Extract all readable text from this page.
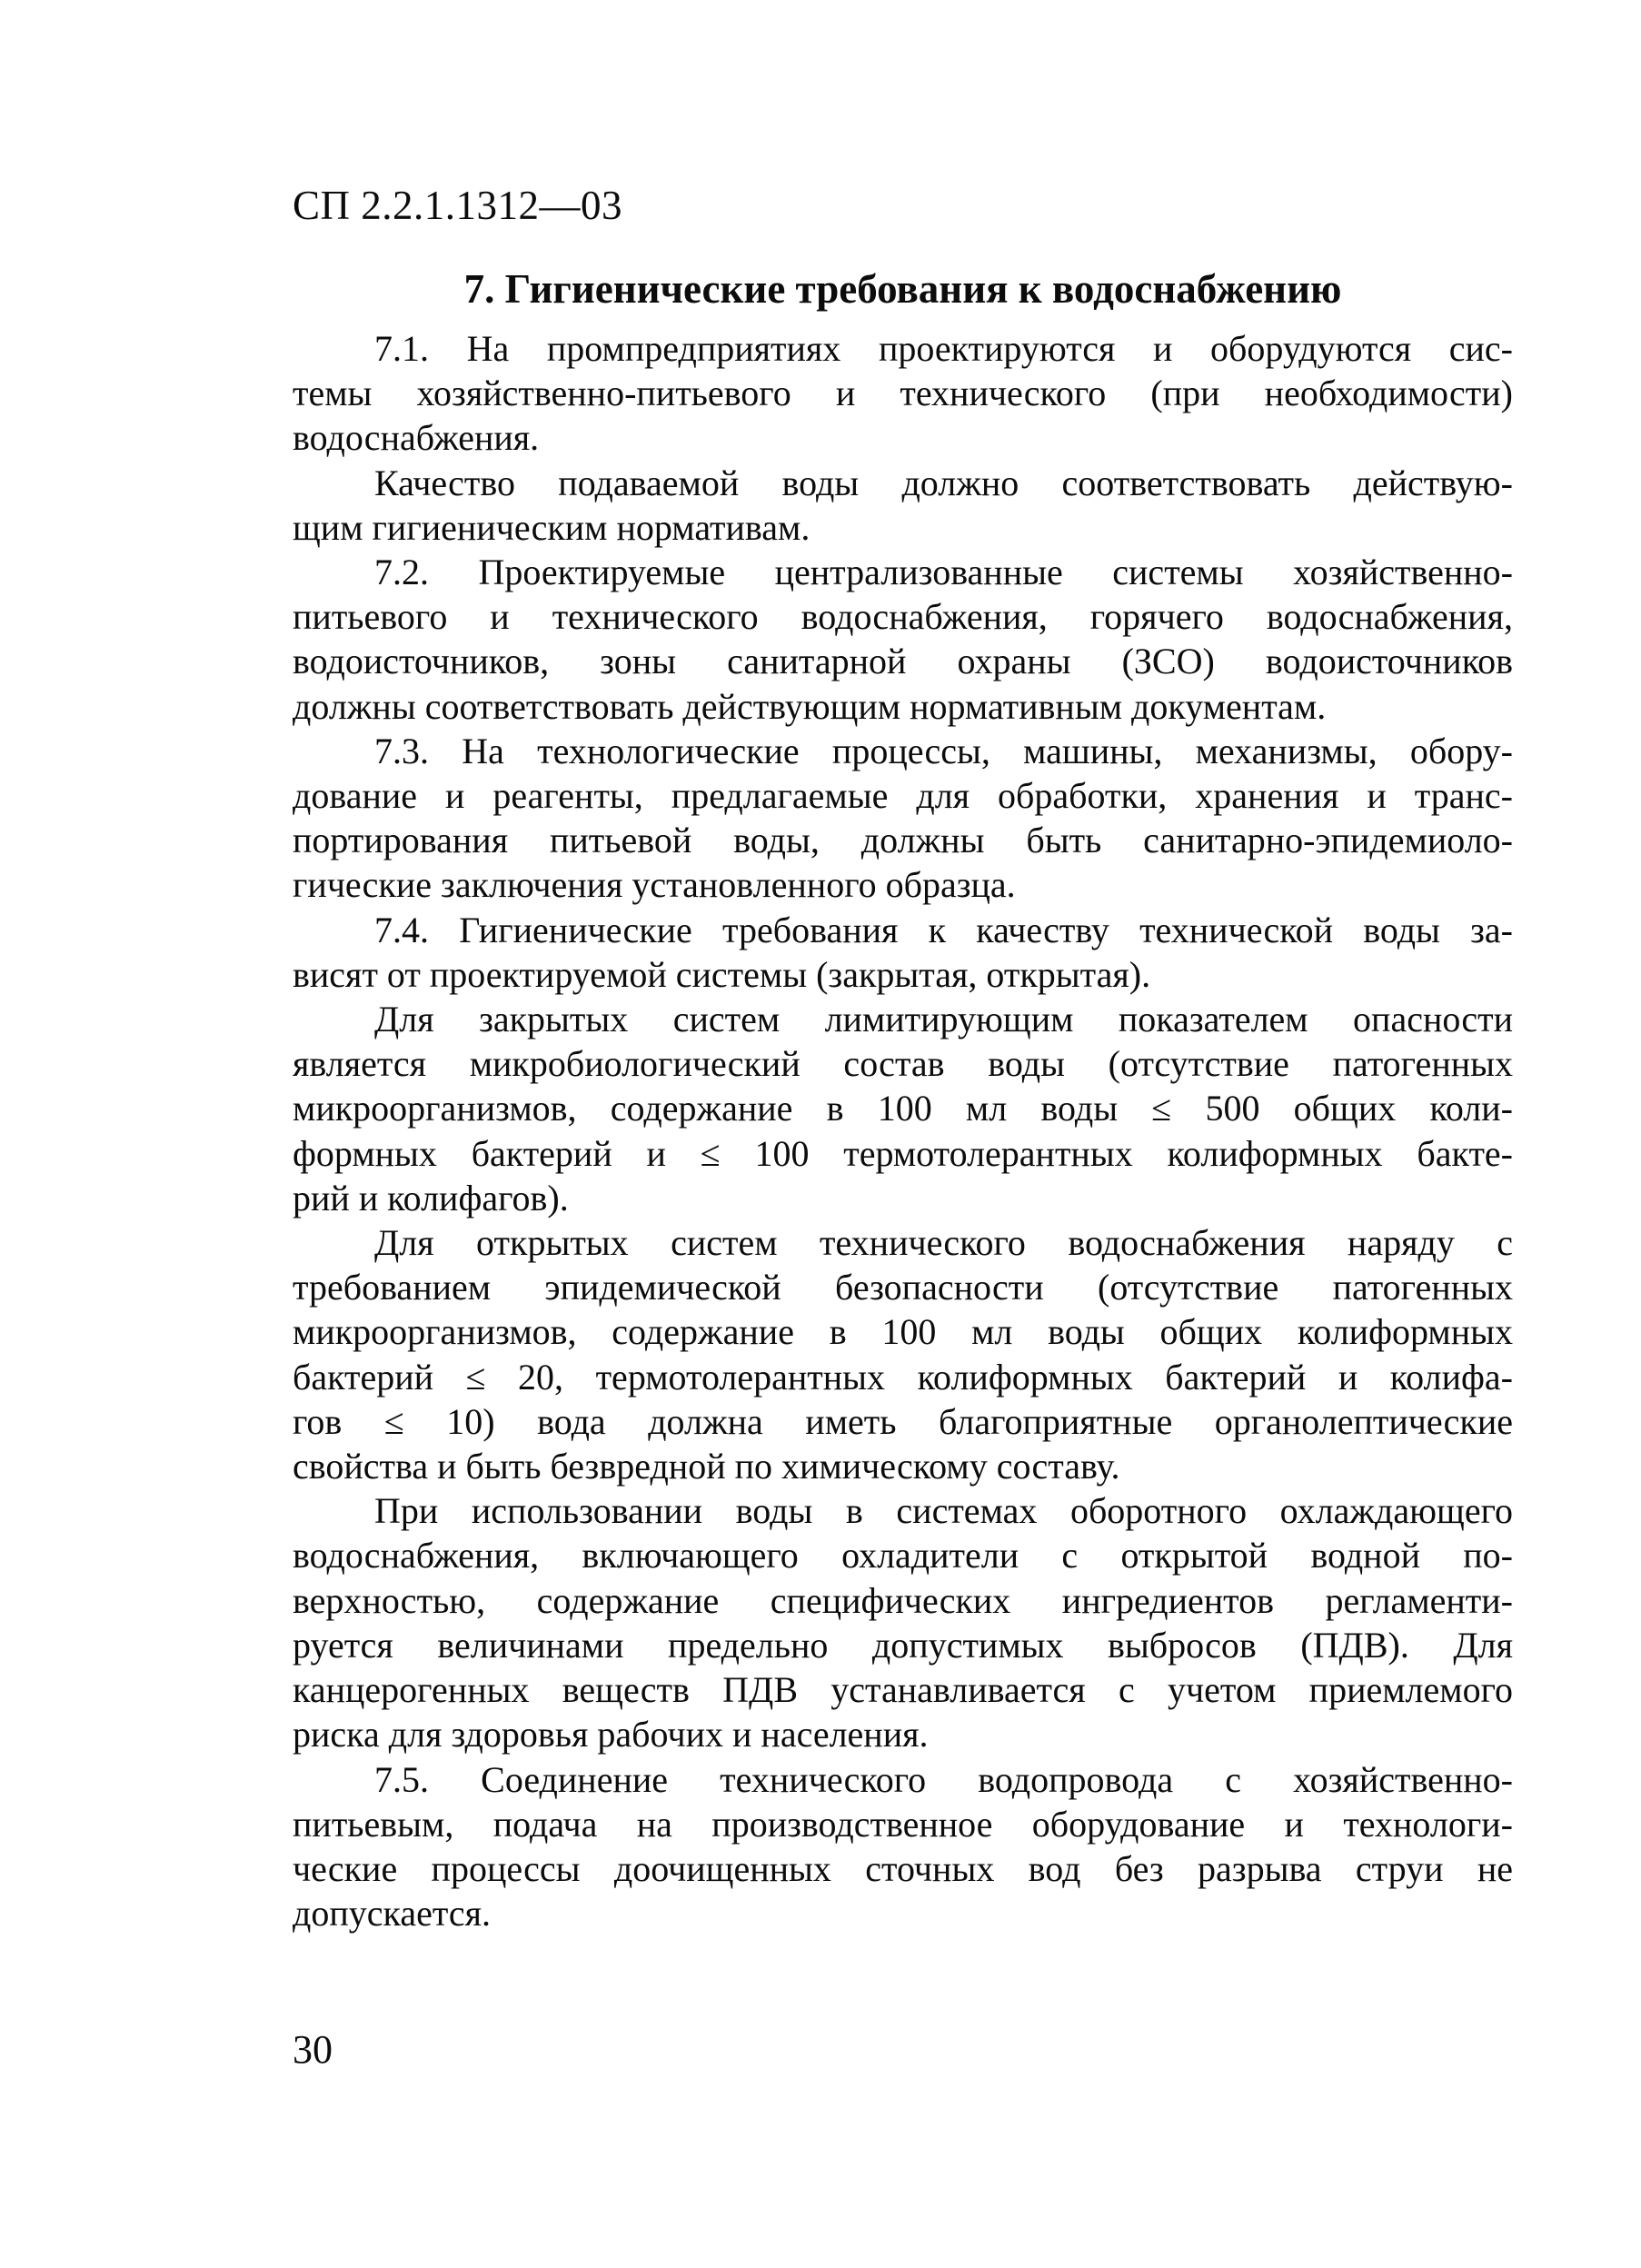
СП 2.2.1.1312—03
7. Гигиенические требования к водоснабжению
7.1. На промпредприятиях проектируются и оборудуются сис-
темы хозяйственно-питьевого и технического (при необходимости)
водоснабжения.
Качество подаваемой воды должно соответствовать действую-
щим гигиеническим нормативам.
7.2. Проектируемые централизованные системы хозяйственно-
питьевого и технического водоснабжения, горячего водоснабжения,
водоисточников, зоны санитарной охраны (ЗСО) водоисточников
должны соответствовать действующим нормативным документам.
7.3. На технологические процессы, машины, механизмы, обору-
дование и реагенты, предлагаемые для обработки, хранения и транс-
портирования питьевой воды, должны быть санитарно-эпидемиоло-
гические заключения установленного образца.
7.4. Гигиенические требования к качеству технической воды за-
висят от проектируемой системы (закрытая, открытая).
Для закрытых систем лимитирующим показателем опасности
является микробиологический состав воды (отсутствие патогенных
микроорганизмов, содержание в 100 мл воды ≤ 500 общих коли-
формных бактерий и ≤ 100 термотолерантных колиформных бакте-
рий и колифагов).
Для открытых систем технического водоснабжения наряду с
требованием эпидемической безопасности (отсутствие патогенных
микроорганизмов, содержание в 100 мл воды общих колиформных
бактерий ≤ 20, термотолерантных колиформных бактерий и колифа-
гов ≤ 10) вода должна иметь благоприятные органолептические
свойства и быть безвредной по химическому составу.
При использовании воды в системах оборотного охлаждающего
водоснабжения, включающего охладители с открытой водной по-
верхностью, содержание специфических ингредиентов регламенти-
руется величинами предельно допустимых выбросов (ПДВ). Для
канцерогенных веществ ПДВ устанавливается с учетом приемлемого
риска для здоровья рабочих и населения.
7.5. Соединение технического водопровода с хозяйственно-
питьевым, подача на производственное оборудование и технологи-
ческие процессы доочищенных сточных вод без разрыва струи не
допускается.
30
